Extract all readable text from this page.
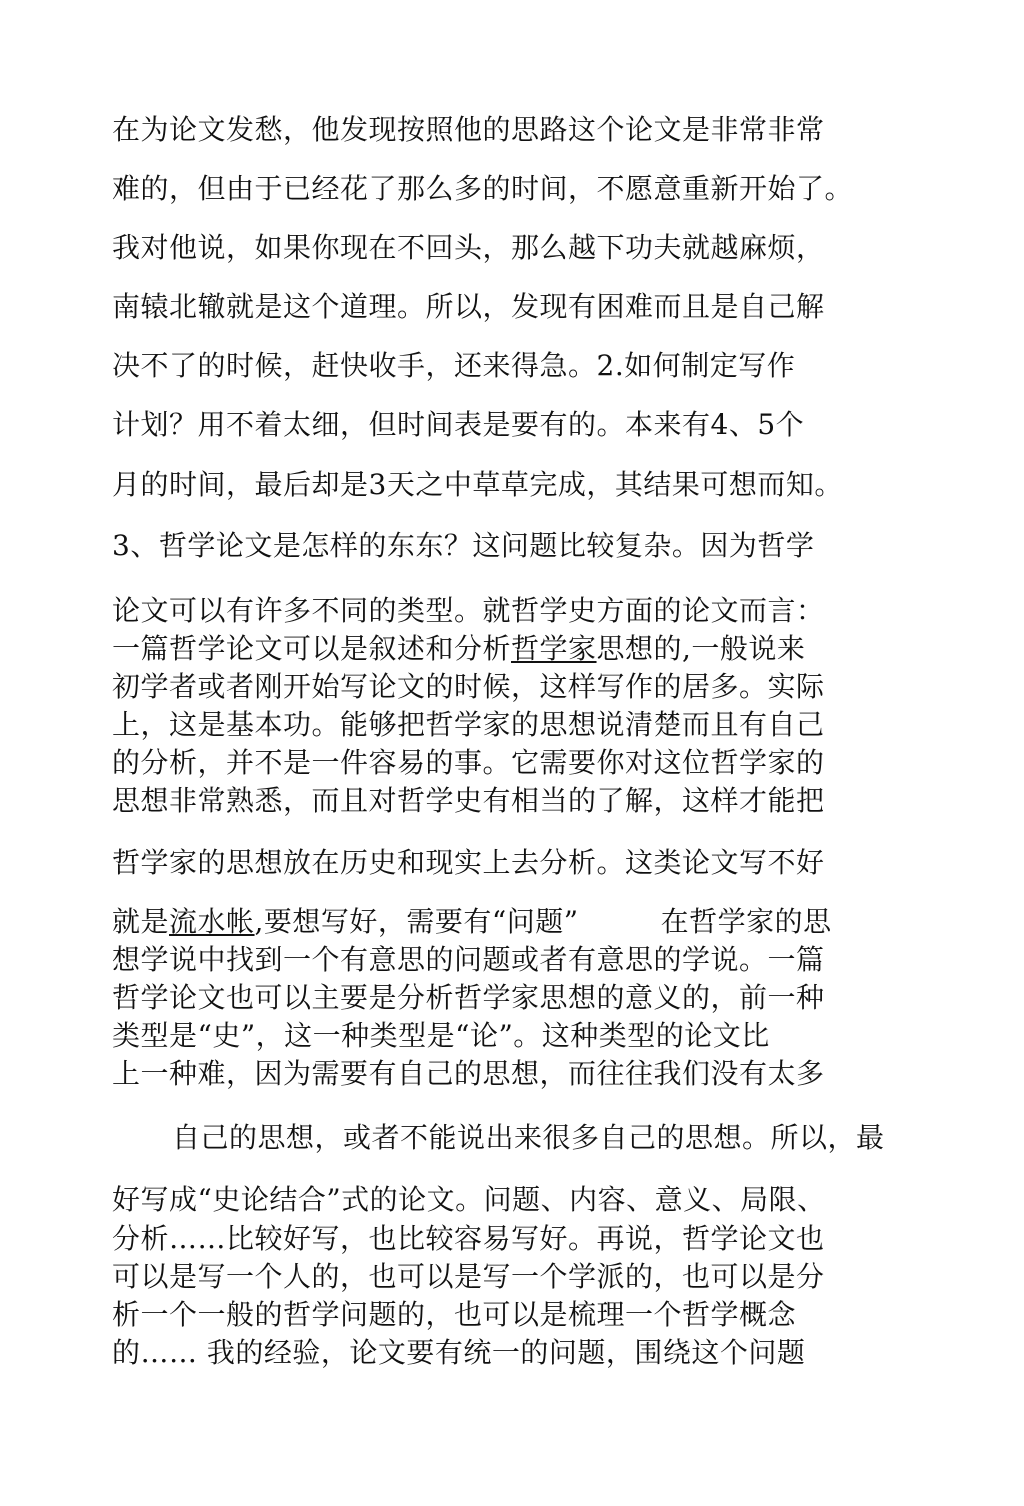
在为论文发愁，他发现按照他的思路这个论文是非常非常
难的，但由于已经花了那么多的时间，不愿意重新开始了。
我对他说，如果你现在不回头，那么越下功夫就越麻烦，
南辕北辙就是这个道理。所以，发现有困难而且是自己解
决不了的时候，赶快收手，还来得急。2.如何制定写作
计划？用不着太细，但时间表是要有的。本来有4、5个
月的时间，最后却是3天之中草草完成，其结果可想而知。
3、哲学论文是怎样的东东？这问题比较复杂。因为哲学
论文可以有许多不同的类型。就哲学史方面的论文而言：
一篇哲学论文可以是叙述和分析哲学家思想的,一般说来
初学者或者刚开始写论文的时候，这样写作的居多。实际
上，这是基本功。能够把哲学家的思想说清楚而且有自己
的分析，并不是一件容易的事。它需要你对这位哲学家的
思想非常熟悉，而且对哲学史有相当的了解，这样才能把
哲学家的思想放在历史和现实上去分析。这类论文写不好
就是流水帐,要想写好，需要有“问题”	在哲学家的思
想学说中找到一个有意思的问题或者有意思的学说。一篇
哲学论文也可以主要是分析哲学家思想的意义的，前一种
类型是“史”，这一种类型是“论”。这种类型的论文比
上一种难，因为需要有自己的思想，而往往我们没有太多
自己的思想，或者不能说出来很多自己的思想。所以，最
好写成“史论结合”式的论文。问题、内容、意义、局限、
分析……比较好写，也比较容易写好。再说，哲学论文也
可以是写一个人的，也可以是写一个学派的，也可以是分
析一个一般的哲学问题的，也可以是梳理一个哲学概念
的…… 我的经验，论文要有统一的问题，围绕这个问题
